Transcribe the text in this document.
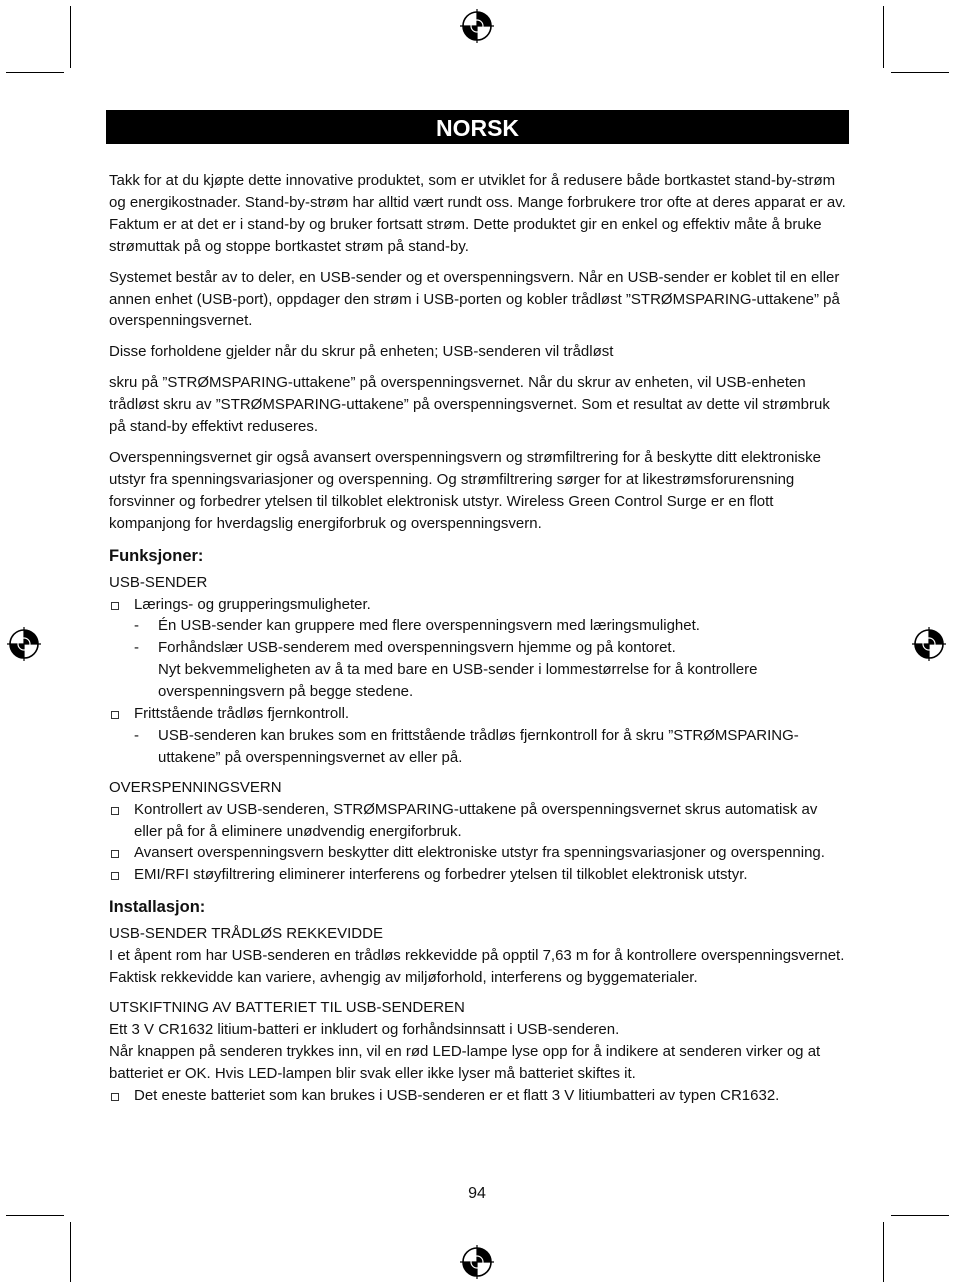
NORSK

Takk for at du kjøpte dette innovative produktet, som er utviklet for å redusere både bortkastet stand-by-strøm og energikostnader. Stand-by-strøm har alltid vært rundt oss. Mange forbrukere tror ofte at deres apparat er av. Faktum er at det er i stand-by og bruker fortsatt strøm. Dette produktet gir en enkel og effektiv måte å bruke strømuttak på og stoppe bortkastet strøm på stand-by.

Systemet består av to deler, en USB-sender og et overspenningsvern. Når en USB-sender er koblet til en eller annen enhet (USB-port), oppdager den strøm i USB-porten og kobler trådløst ”STRØMSPARING-uttakene” på overspenningsvernet.

Disse forholdene gjelder når du skrur på enheten; USB-senderen vil trådløst

skru på ”STRØMSPARING-uttakene” på overspenningsvernet. Når du skrur av enheten, vil USB-enheten trådløst skru av ”STRØMSPARING-uttakene” på overspenningsvernet. Som et resultat av dette vil strømbruk på stand-by effektivt reduseres.

Overspenningsvernet gir også avansert overspenningsvern og strømfiltrering for å beskytte ditt elektroniske utstyr fra spenningsvariasjoner og overspenning. Og strømfiltrering sørger for at likestrømsforurensning forsvinner og forbedrer ytelsen til tilkoblet elektronisk utstyr. Wireless Green Control Surge er en flott kompanjong for hverdagslig energiforbruk og overspenningsvern.

Funksjoner:
USB-SENDER
Lærings- og grupperingsmuligheter.
- Én USB-sender kan gruppere med flere overspenningsvern med læringsmulighet.
- Forhåndslær USB-senderem med overspenningsvern hjemme og på kontoret.
Nyt bekvemmeligheten av å ta med bare en USB-sender i lommestørrelse for å kontrollere overspenningsvern på begge stedene.
Frittstående trådløs fjernkontroll.
- USB-senderen kan brukes som en frittstående trådløs fjernkontroll for å skru ”STRØMSPARING-uttakene” på overspenningsvernet av eller på.
OVERSPENNINGSVERN
Kontrollert av USB-senderen, STRØMSPARING-uttakene på overspenningsvernet skrus automatisk av eller på for å eliminere unødvendig energiforbruk.
Avansert overspenningsvern beskytter ditt elektroniske utstyr fra spenningsvariasjoner og overspenning.
EMI/RFI støyfiltrering eliminerer interferens og forbedrer ytelsen til tilkoblet elektronisk utstyr.
Installasjon:
USB-SENDER TRÅDLØS REKKEVIDDE
I et åpent rom har USB-senderen en trådløs rekkevidde på opptil 7,63 m for å kontrollere overspenningsvernet. Faktisk rekkevidde kan variere, avhengig av miljøforhold, interferens og byggematerialer.
UTSKIFTNING AV BATTERIET TIL USB-SENDEREN
Ett 3 V CR1632 litium-batteri er inkludert og forhåndsinnsatt i USB-senderen.
Når knappen på senderen trykkes inn, vil en rød LED-lampe lyse opp for å indikere at senderen virker og at batteriet er OK. Hvis LED-lampen blir svak eller ikke lyser må batteriet skiftes it.
Det eneste batteriet som kan brukes i USB-senderen er et flatt 3 V litiumbatteri av typen CR1632.
94
